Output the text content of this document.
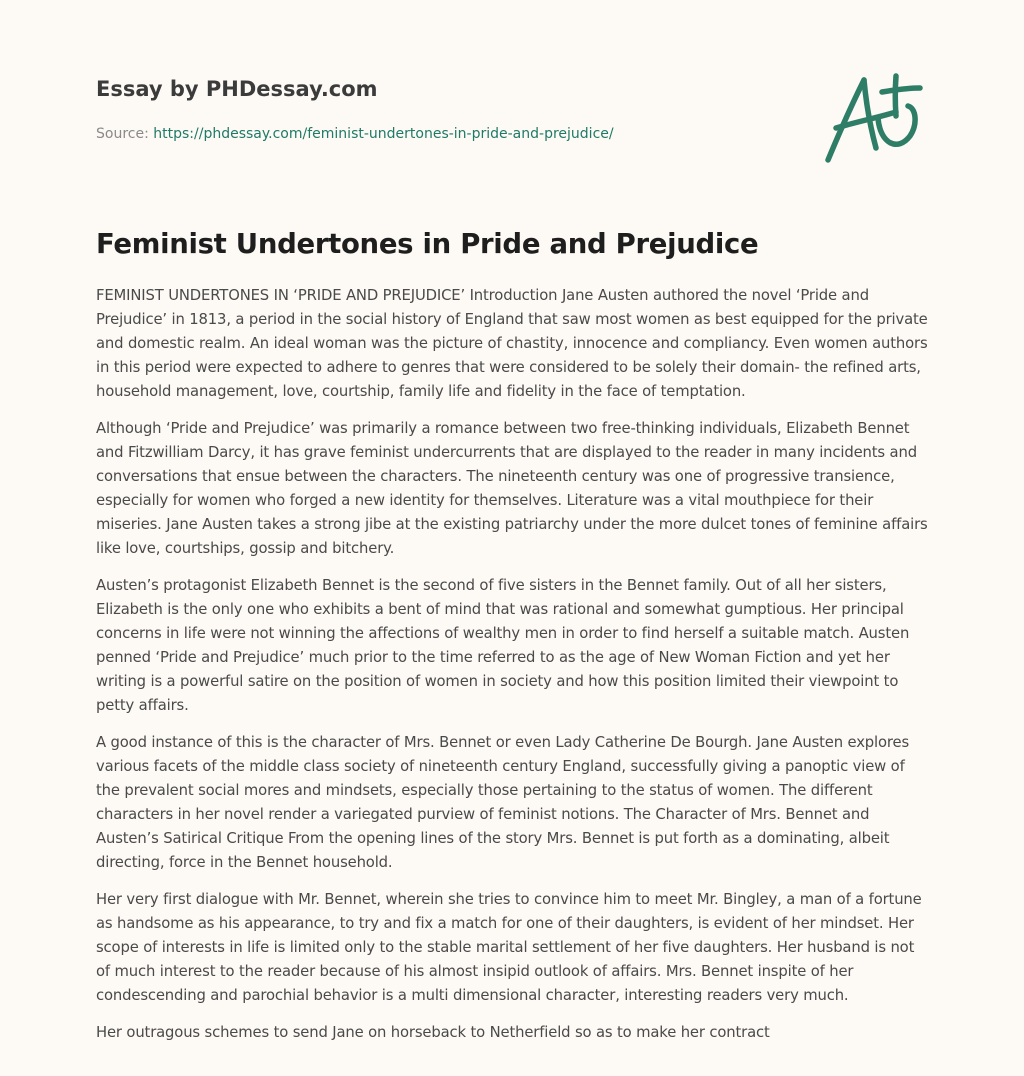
Essay by PHDessay.com
Source: https://phdessay.com/feminist-undertones-in-pride-and-prejudice/
Feminist Undertones in Pride and Prejudice

FEMINIST UNDERTONES IN ‘PRIDE AND PREJUDICE’ Introduction Jane Austen authored the novel ‘Pride and Prejudice’ in 1813, a period in the social history of England that saw most women as best equipped for the private and domestic realm. An ideal woman was the picture of chastity, innocence and compliancy. Even women authors in this period were expected to adhere to genres that were considered to be solely their domain- the refined arts, household management, love, courtship, family life and fidelity in the face of temptation.

Although ‘Pride and Prejudice’ was primarily a romance between two free-thinking individuals, Elizabeth Bennet and Fitzwilliam Darcy, it has grave feminist undercurrents that are displayed to the reader in many incidents and conversations that ensue between the characters. The nineteenth century was one of progressive transience, especially for women who forged a new identity for themselves. Literature was a vital mouthpiece for their miseries. Jane Austen takes a strong jibe at the existing patriarchy under the more dulcet tones of feminine affairs like love, courtships, gossip and bitchery.

Austen’s protagonist Elizabeth Bennet is the second of five sisters in the Bennet family. Out of all her sisters, Elizabeth is the only one who exhibits a bent of mind that was rational and somewhat gumptious. Her principal concerns in life were not winning the affections of wealthy men in order to find herself a suitable match. Austen penned ‘Pride and Prejudice’ much prior to the time referred to as the age of New Woman Fiction and yet her writing is a powerful satire on the position of women in society and how this position limited their viewpoint to petty affairs.

A good instance of this is the character of Mrs. Bennet or even Lady Catherine De Bourgh. Jane Austen explores various facets of the middle class society of nineteenth century England, successfully giving a panoptic view of the prevalent social mores and mindsets, especially those pertaining to the status of women. The different characters in her novel render a variegated purview of feminist notions. The Character of Mrs. Bennet and Austen’s Satirical Critique From the opening lines of the story Mrs. Bennet is put forth as a dominating, albeit directing, force in the Bennet household.

Her very first dialogue with Mr. Bennet, wherein she tries to convince him to meet Mr. Bingley, a man of a fortune as handsome as his appearance, to try and fix a match for one of their daughters, is evident of her mindset. Her scope of interests in life is limited only to the stable marital settlement of her five daughters. Her husband is not of much interest to the reader because of his almost insipid outlook of affairs. Mrs. Bennet inspite of her condescending and parochial behavior is a multi dimensional character, interesting readers very much.

Her outragous schemes to send Jane on horseback to Netherfield so as to make her contract
